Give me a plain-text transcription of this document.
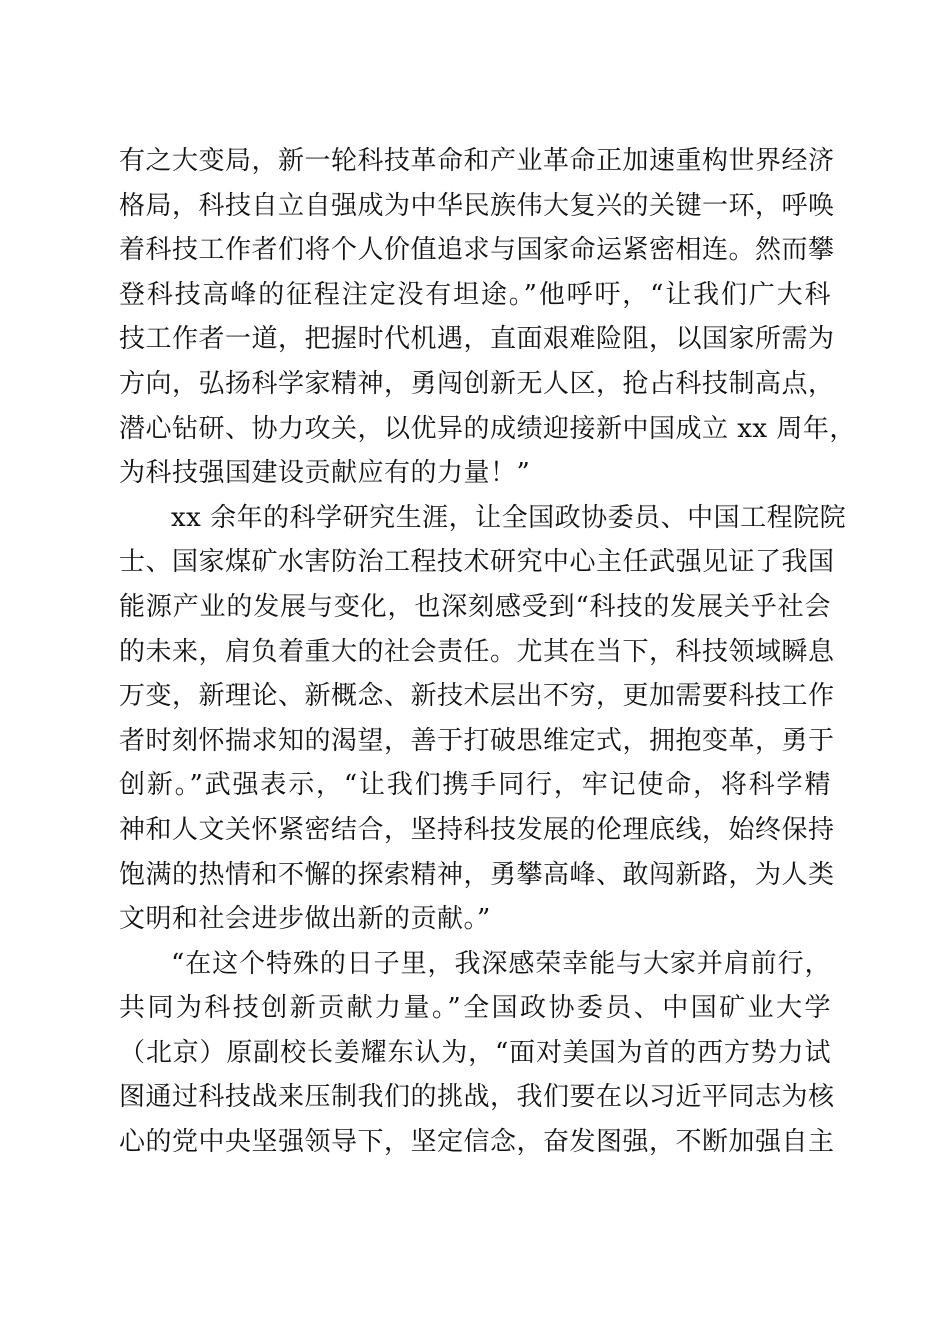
有之大变局，新一轮科技革命和产业革命正加速重构世界经济
格局，科技自立自强成为中华民族伟大复兴的关键一环，呼唤
着科技工作者们将个人价值追求与国家命运紧密相连。然而攀
登科技高峰的征程注定没有坦途。”他呼吁，“让我们广大科
技工作者一道，把握时代机遇，直面艰难险阻，以国家所需为
方向，弘扬科学家精神，勇闯创新无人区，抢占科技制高点，
潜心钻研、协力攻关，以优异的成绩迎接新中国成立 xx 周年，
为科技强国建设贡献应有的力量！”
xx 余年的科学研究生涯，让全国政协委员、中国工程院院
士、国家煤矿水害防治工程技术研究中心主任武强见证了我国
能源产业的发展与变化，也深刻感受到“科技的发展关乎社会
的未来，肩负着重大的社会责任。尤其在当下，科技领域瞬息
万变，新理论、新概念、新技术层出不穷，更加需要科技工作
者时刻怀揣求知的渴望，善于打破思维定式，拥抱变革，勇于
创新。”武强表示，“让我们携手同行，牢记使命，将科学精
神和人文关怀紧密结合，坚持科技发展的伦理底线，始终保持
饱满的热情和不懈的探索精神，勇攀高峰、敢闯新路，为人类
文明和社会进步做出新的贡献。”
“在这个特殊的日子里，我深感荣幸能与大家并肩前行，
共同为科技创新贡献力量。”全国政协委员、中国矿业大学
（北京）原副校长姜耀东认为，“面对美国为首的西方势力试
图通过科技战来压制我们的挑战，我们要在以习近平同志为核
心的党中央坚强领导下，坚定信念，奋发图强，不断加强自主
